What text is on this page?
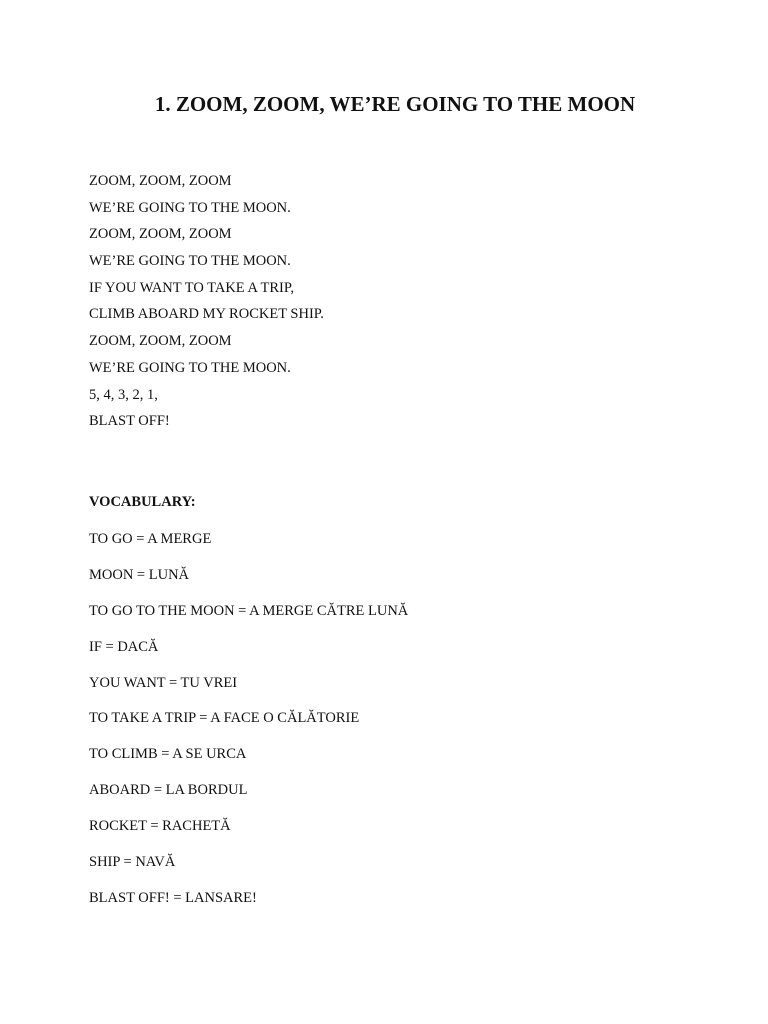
1. ZOOM, ZOOM, WE’RE GOING TO THE MOON
ZOOM, ZOOM, ZOOM
WE’RE GOING TO THE MOON.
ZOOM, ZOOM, ZOOM
WE’RE GOING TO THE MOON.
IF YOU WANT TO TAKE A TRIP,
CLIMB ABOARD MY ROCKET SHIP.
ZOOM, ZOOM, ZOOM
WE’RE GOING TO THE MOON.
5, 4, 3, 2, 1,
BLAST OFF!
VOCABULARY:
TO GO = A MERGE
MOON = LUNĂ
TO GO TO THE MOON = A MERGE CĂTRE LUNĂ
IF = DACĂ
YOU WANT = TU VREI
TO TAKE A TRIP = A FACE O CĂLĂTORIE
TO CLIMB = A SE URCA
ABOARD = LA BORDUL
ROCKET = RACHETĂ
SHIP = NAVĂ
BLAST OFF! = LANSARE!
